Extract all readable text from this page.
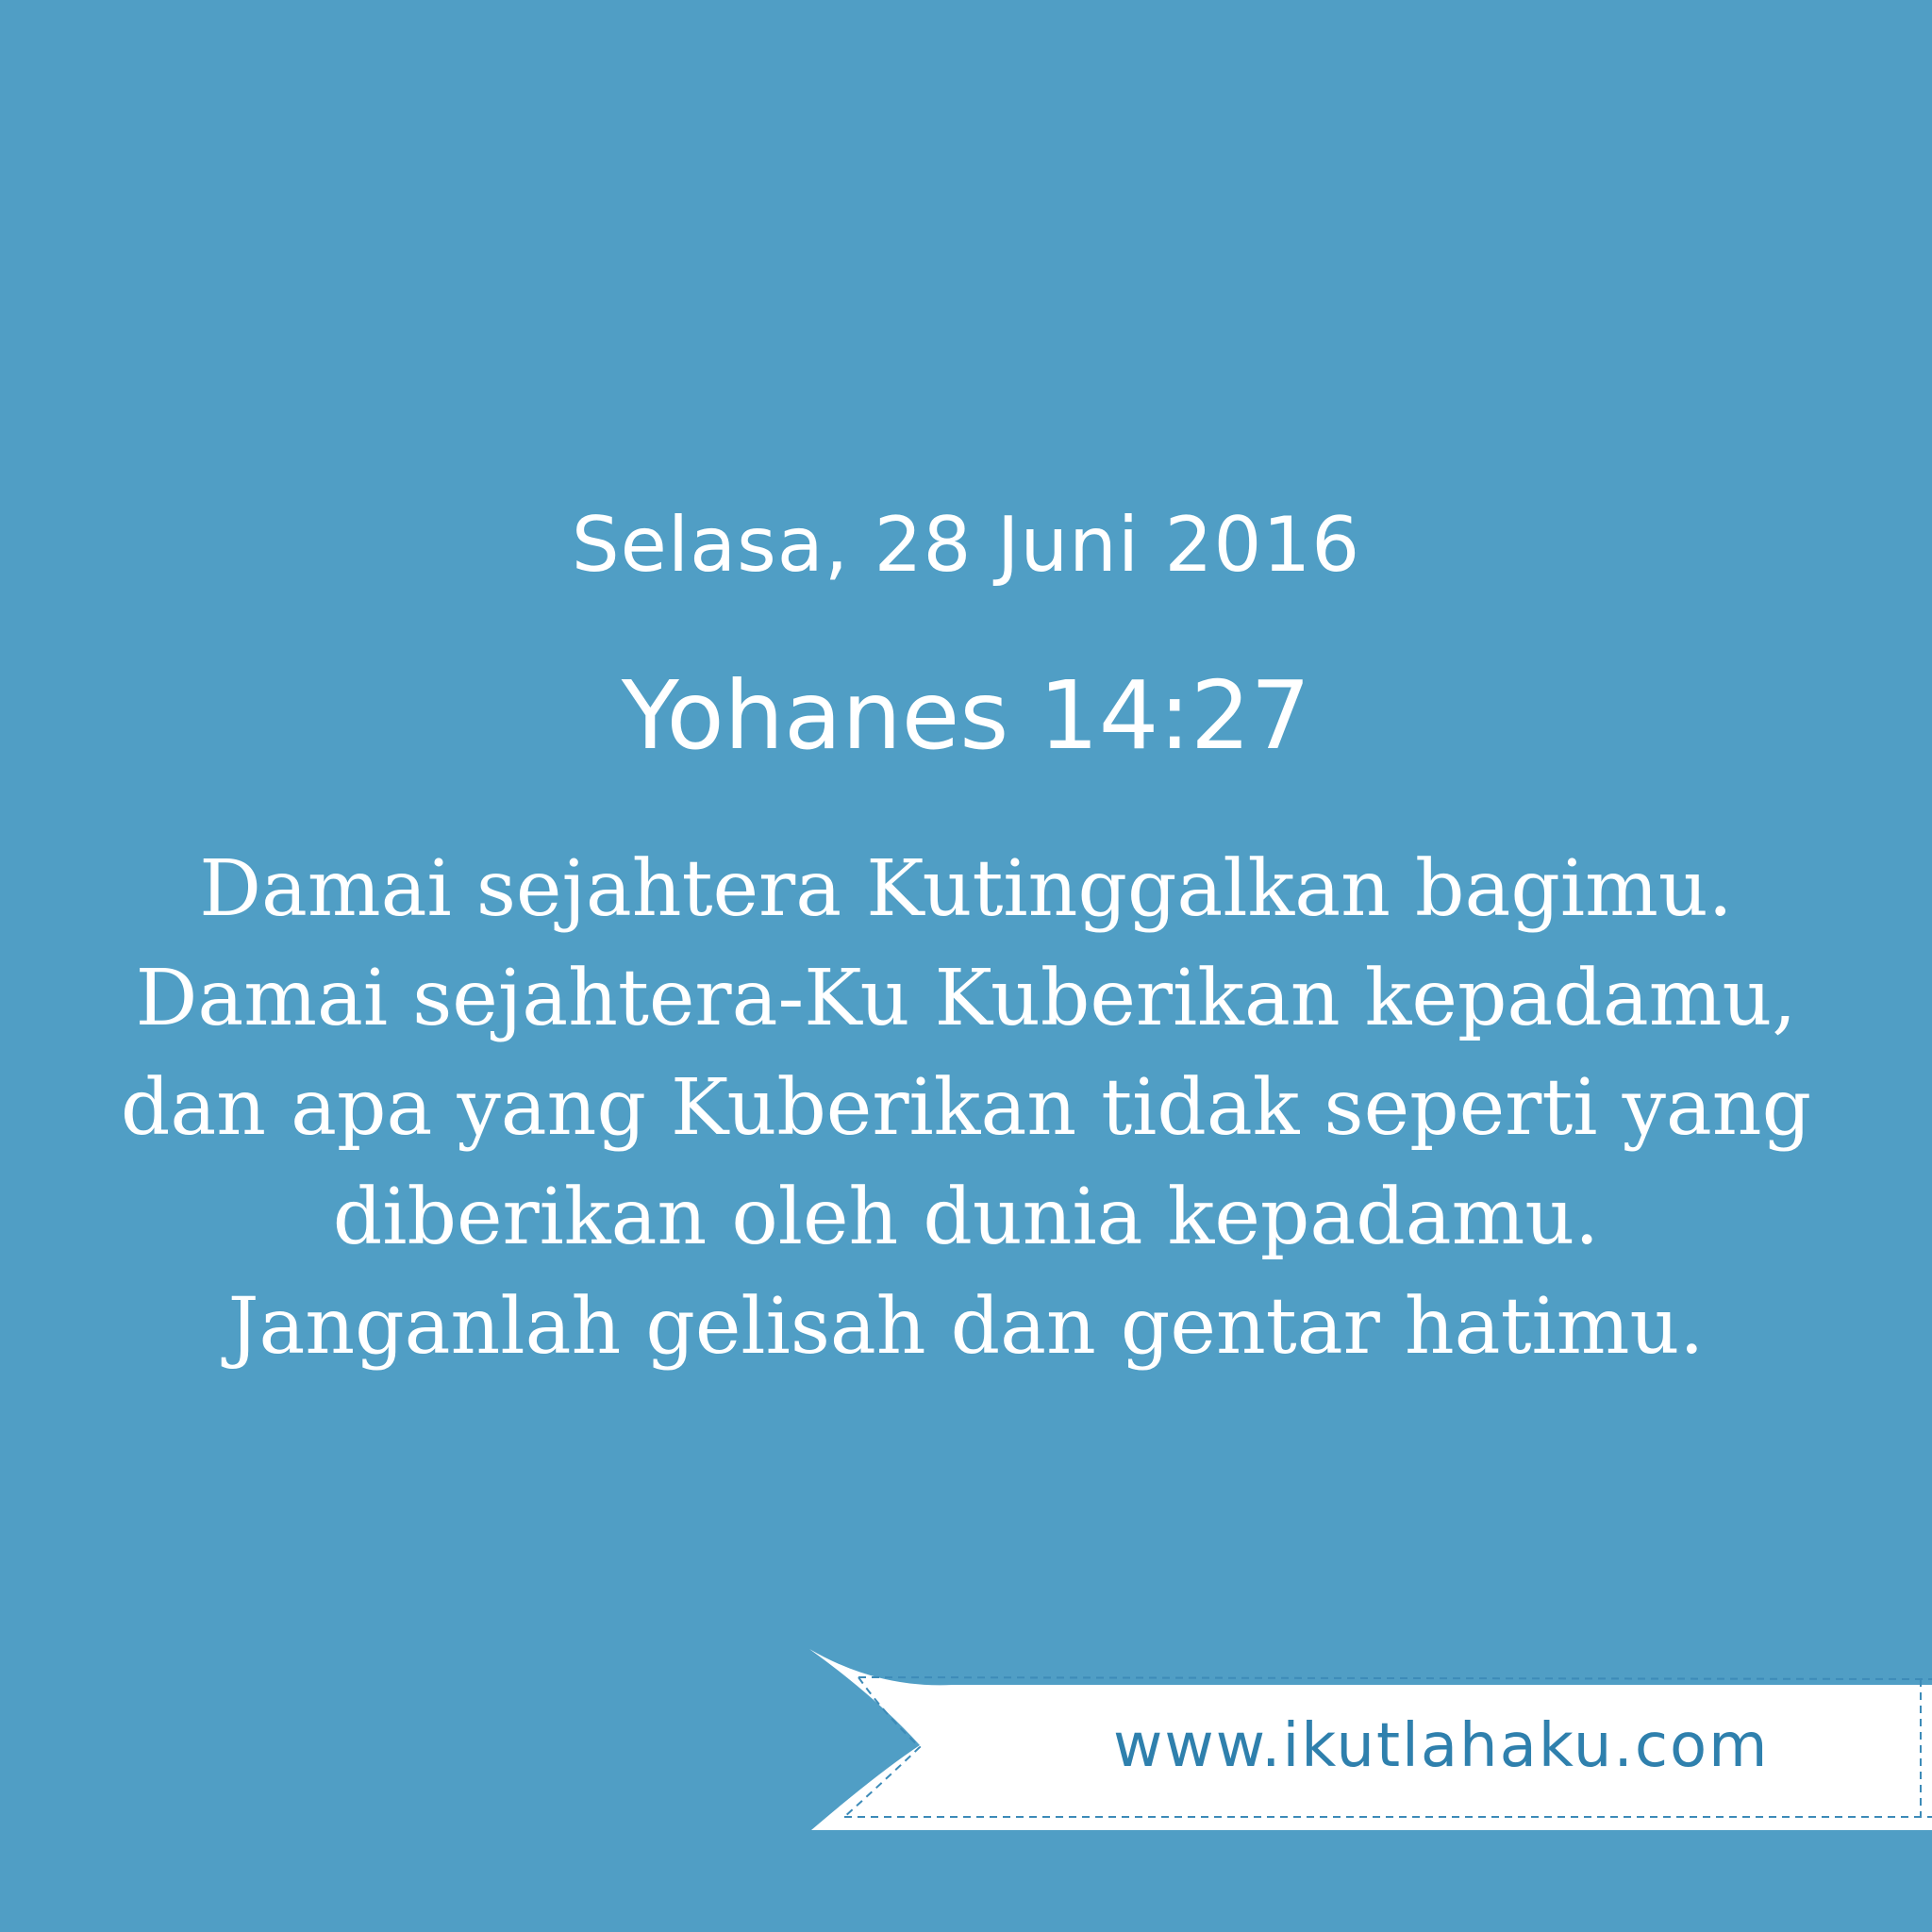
Selasa, 28 Juni 2016
Yohanes 14:27
Damai sejahtera Kutinggalkan bagimu.
Damai sejahtera-Ku Kuberikan kepadamu,
dan apa yang Kuberikan tidak seperti yang
diberikan oleh dunia kepadamu.
Janganlah gelisah dan gentar hatimu.
www.ikutlahaku.com
